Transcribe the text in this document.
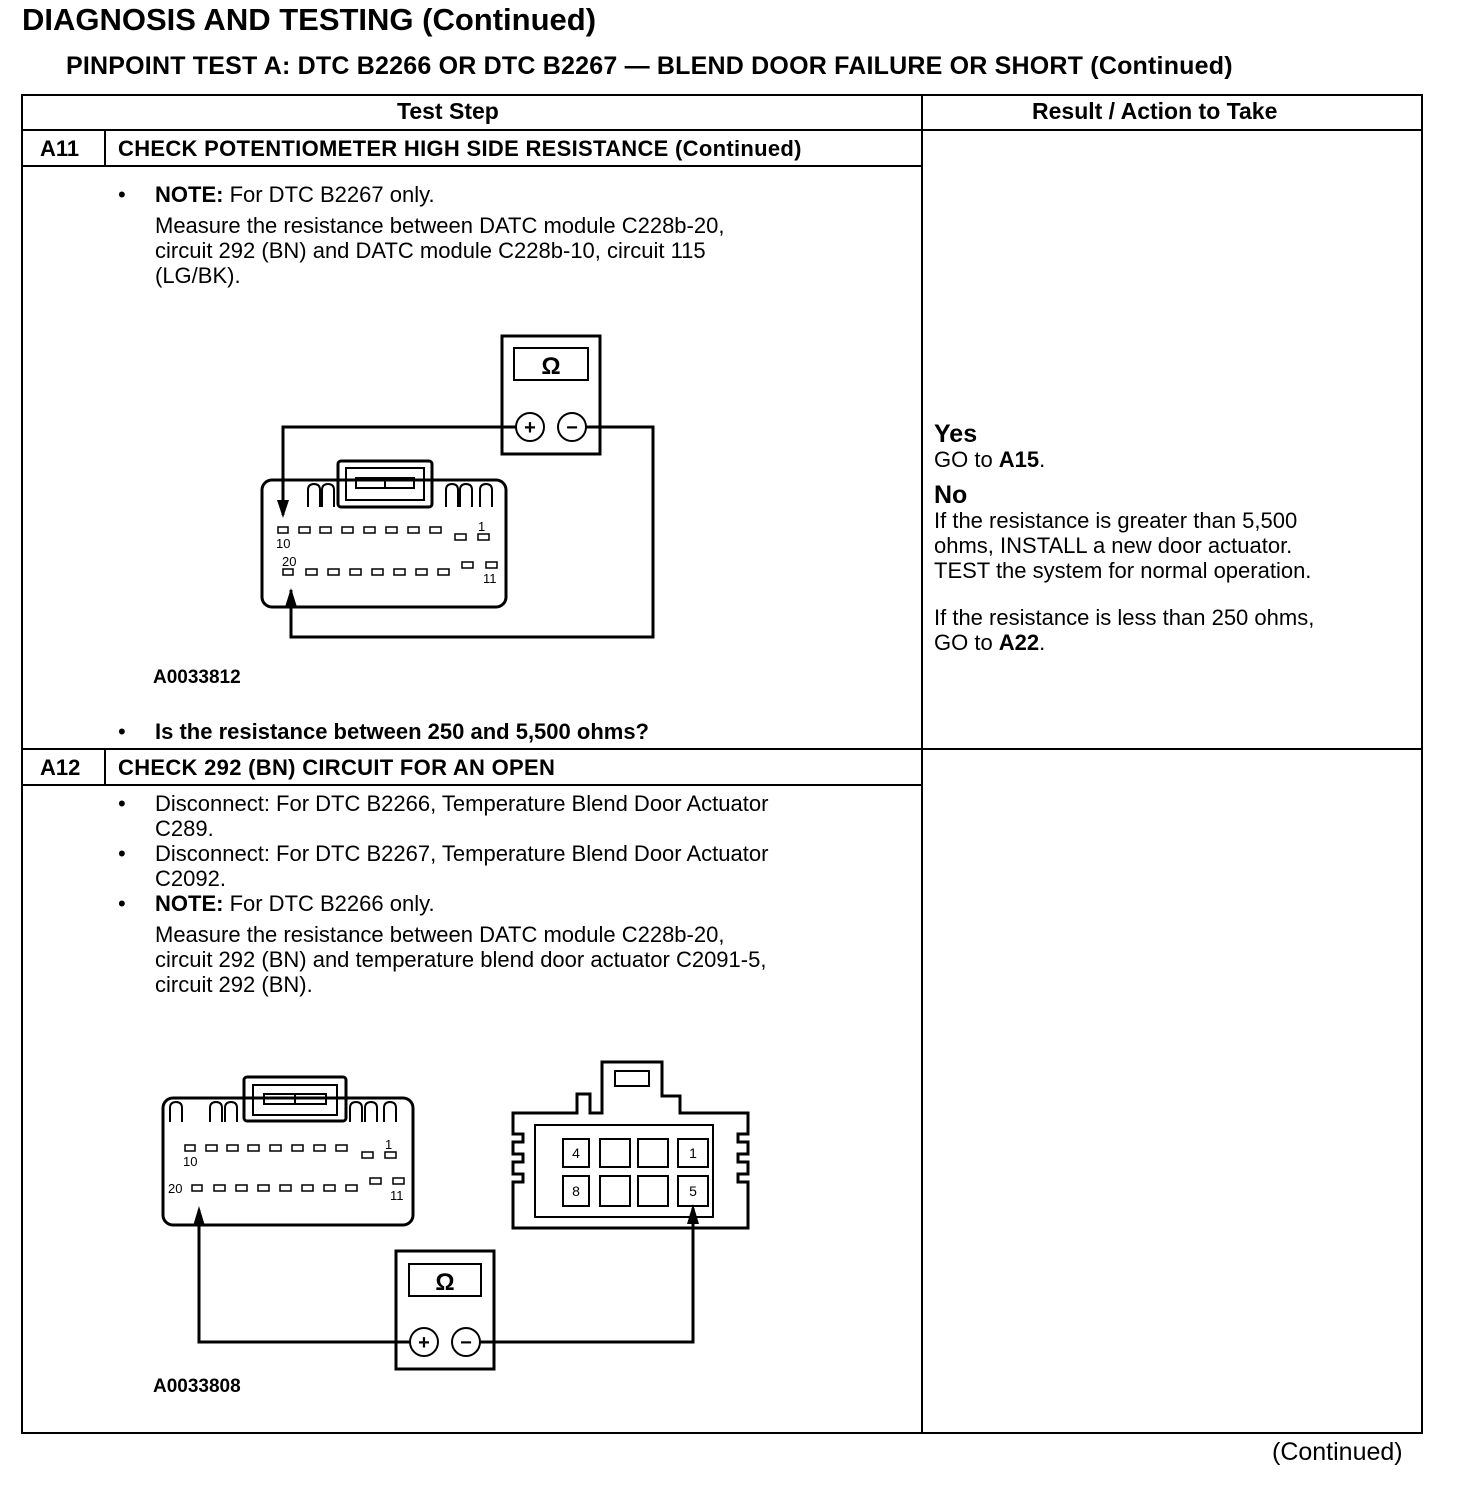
DIAGNOSIS AND TESTING (Continued)
PINPOINT TEST A: DTC B2266 OR DTC B2267 — BLEND DOOR FAILURE OR SHORT (Continued)
Test Step	Result / Action to Take
A11 CHECK POTENTIOMETER HIGH SIDE RESISTANCE (Continued)
• NOTE: For DTC B2267 only.
Measure the resistance between DATC module C228b-20,
circuit 292 (BN) and DATC module C228b-10, circuit 115
(LG/BK).
Ω
+ −
10
1
20
11
A0033812
• Is the resistance between 250 and 5,500 ohms?
Yes
GO to A15.
No
If the resistance is greater than 5,500
ohms, INSTALL a new door actuator.
TEST the system for normal operation.
If the resistance is less than 250 ohms,
GO to A22.
A12 CHECK 292 (BN) CIRCUIT FOR AN OPEN
• Disconnect: For DTC B2266, Temperature Blend Door Actuator
C289.
• Disconnect: For DTC B2267, Temperature Blend Door Actuator
C2092.
• NOTE: For DTC B2266 only.
Measure the resistance between DATC module C228b-20,
circuit 292 (BN) and temperature blend door actuator C2091-5,
circuit 292 (BN).
10
1
20	11
4	1
8	5
Ω
+ −
A0033808
(Continued)
